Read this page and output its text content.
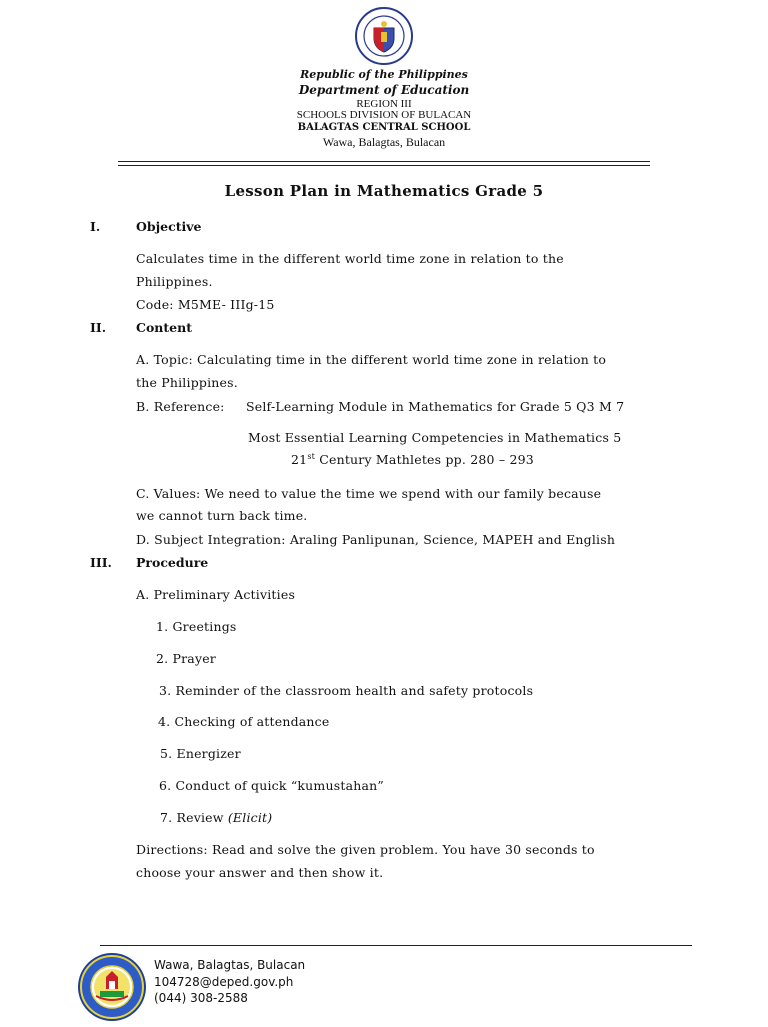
Republic of the Philippines
Department of Education
REGION III
SCHOOLS DIVISION OF BULACAN
BALAGTAS CENTRAL SCHOOL
Wawa, Balagtas, Bulacan
Lesson Plan in Mathematics Grade 5
I.	Objective
Calculates time in the different world time zone in relation to the
Philippines.
Code: M5ME- IIIg-15
II. Content
A. Topic: Calculating time in the different world time zone in relation to
the Philippines.
B. Reference: Self-Learning Module in Mathematics for Grade 5 Q3 M 7
Most Essential Learning Competencies in Mathematics 5
21st Century Mathletes pp. 280 – 293
C. Values: We need to value the time we spend with our family because
we cannot turn back time.
D. Subject Integration: Araling Panlipunan, Science, MAPEH and English
III. Procedure
A. Preliminary Activities
1. Greetings
2. Prayer
3. Reminder of the classroom health and safety protocols
4. Checking of attendance
5. Energizer
6. Conduct of quick “kumustahan”
7. Review (Elicit)
Directions: Read and solve the given problem. You have 30 seconds to
choose your answer and then show it.
Wawa, Balagtas, Bulacan
104728@deped.gov.ph
(044) 308-2588
